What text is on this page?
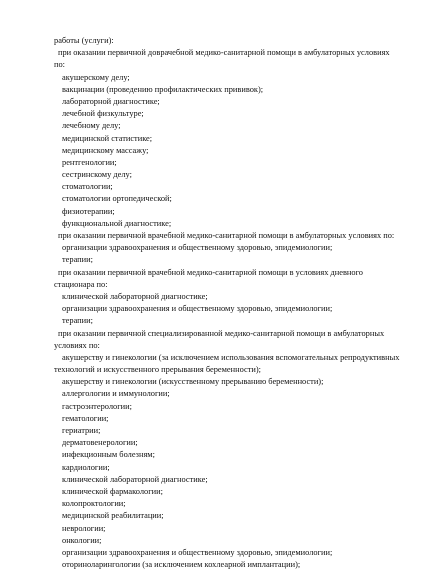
работы (услуги):
при оказании первичной доврачебной медико-санитарной помощи в амбулаторных условиях
по:
акушерскому делу;
вакцинации (проведению профилактических прививок);
лабораторной диагностике;
лечебной физкультуре;
лечебному делу;
медицинской статистике;
медицинскому массажу;
рентгенологии;
сестринскому делу;
стоматологии;
стоматологии ортопедической;
физиотерапии;
функциональной диагностике;
при оказании первичной врачебной медико-санитарной помощи в амбулаторных условиях по:
организации здравоохранения и общественному здоровью, эпидемиологии;
терапии;
при оказании первичной врачебной медико-санитарной помощи в условиях дневного
стационара по:
клинической лабораторной диагностике;
организации здравоохранения и общественному здоровью, эпидемиологии;
терапии;
при оказании первичной специализированной медико-санитарной помощи в амбулаторных
условиях по:
акушерству и гинекологии (за исключением использования вспомогательных репродуктивных
технологий и искусственного прерывания беременности);
акушерству и гинекологии (искусственному прерыванию беременности);
аллергологии и иммунологии;
гастроэнтерологии;
гематологии;
гериатрии;
дерматовенерологии;
инфекционным болезням;
кардиологии;
клинической лабораторной диагностике;
клинической фармакологии;
колопроктологии;
медицинской реабилитации;
неврологии;
онкологии;
организации здравоохранения и общественному здоровью, эпидемиологии;
оториноларингологии (за исключением кохлеарной имплантации);
